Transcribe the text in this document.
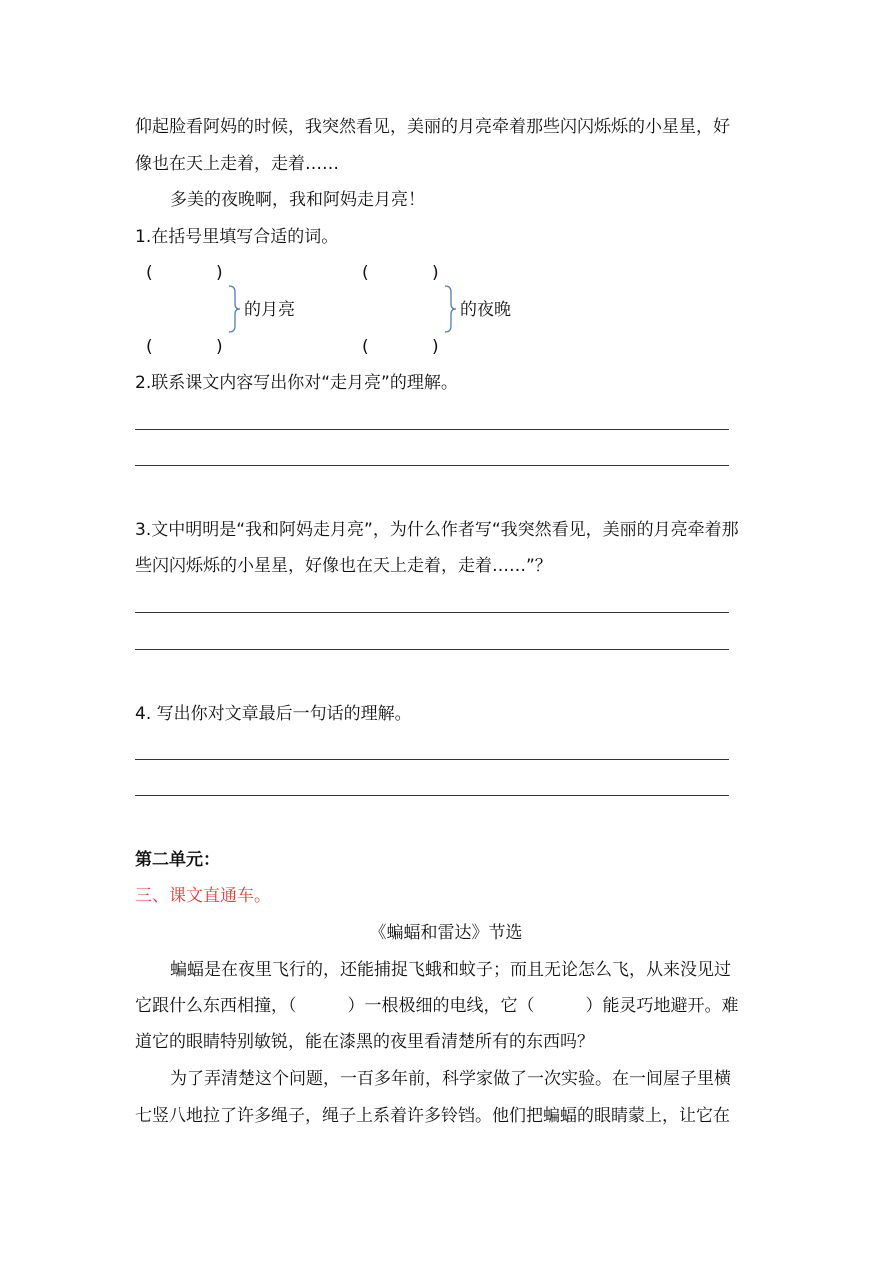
仰起脸看阿妈的时候，我突然看见，美丽的月亮牵着那些闪闪烁烁的小星星，好
像也在天上走着，走着……
多美的夜晚啊，我和阿妈走月亮！
1.在括号里填写合适的词。
(	)
(	)
的月亮
(	)
(	)
的夜晚
2.联系课文内容写出你对“走月亮”的理解。
3.文中明明是“我和阿妈走月亮”，为什么作者写“我突然看见，美丽的月亮牵着那
些闪闪烁烁的小星星，好像也在天上走着，走着……”？
4. 写出你对文章最后一句话的理解。
第二单元：
三、课文直通车。
《蝙蝠和雷达》节选
蝙蝠是在夜里飞行的，还能捕捉飞蛾和蚊子；而且无论怎么飞，从来没见过
它跟什么东西相撞，（　　　）一根极细的电线，它（　　　）能灵巧地避开。难
道它的眼睛特别敏锐，能在漆黑的夜里看清楚所有的东西吗？
为了弄清楚这个问题，一百多年前，科学家做了一次实验。在一间屋子里横
七竖八地拉了许多绳子，绳子上系着许多铃铛。他们把蝙蝠的眼睛蒙上，让它在
